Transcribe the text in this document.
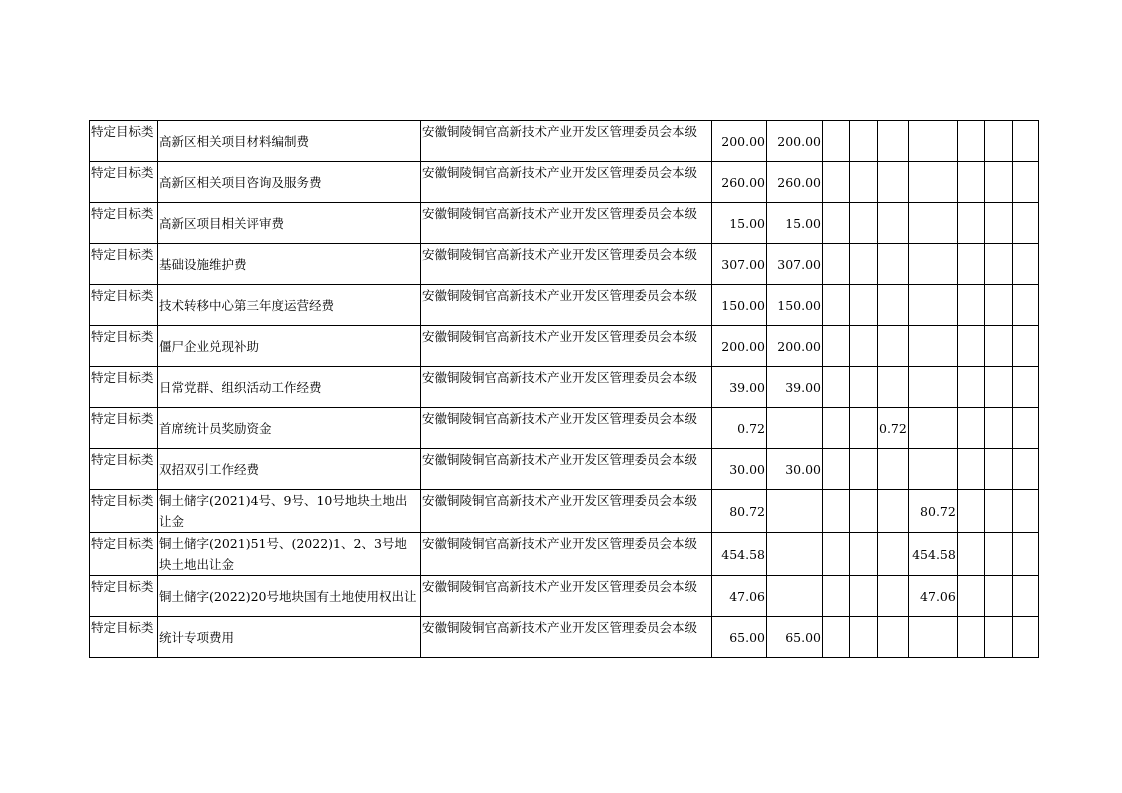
特定目标类	高新区相关项目材料编制费	安徽铜陵铜官高新技术产业开发区管理委员会本级	200.00	200.00							
特定目标类	高新区相关项目咨询及服务费	安徽铜陵铜官高新技术产业开发区管理委员会本级	260.00	260.00							
特定目标类	高新区项目相关评审费	安徽铜陵铜官高新技术产业开发区管理委员会本级	15.00	15.00							
特定目标类	基础设施维护费	安徽铜陵铜官高新技术产业开发区管理委员会本级	307.00	307.00							
特定目标类	技术转移中心第三年度运营经费	安徽铜陵铜官高新技术产业开发区管理委员会本级	150.00	150.00							
特定目标类	僵尸企业兑现补助	安徽铜陵铜官高新技术产业开发区管理委员会本级	200.00	200.00							
特定目标类	日常党群、组织活动工作经费	安徽铜陵铜官高新技术产业开发区管理委员会本级	39.00	39.00							
特定目标类	首席统计员奖励资金	安徽铜陵铜官高新技术产业开发区管理委员会本级	0.72				0.72				
特定目标类	双招双引工作经费	安徽铜陵铜官高新技术产业开发区管理委员会本级	30.00	30.00							
特定目标类	铜土储字(2021)4号、9号、10号地块土地出让金	安徽铜陵铜官高新技术产业开发区管理委员会本级	80.72					80.72			
特定目标类	铜土储字(2021)51号、(2022)1、2、3号地块土地出让金	安徽铜陵铜官高新技术产业开发区管理委员会本级	454.58					454.58			
特定目标类	铜土储字(2022)20号地块国有土地使用权出让	安徽铜陵铜官高新技术产业开发区管理委员会本级	47.06					47.06			
特定目标类	统计专项费用	安徽铜陵铜官高新技术产业开发区管理委员会本级	65.00	65.00							
